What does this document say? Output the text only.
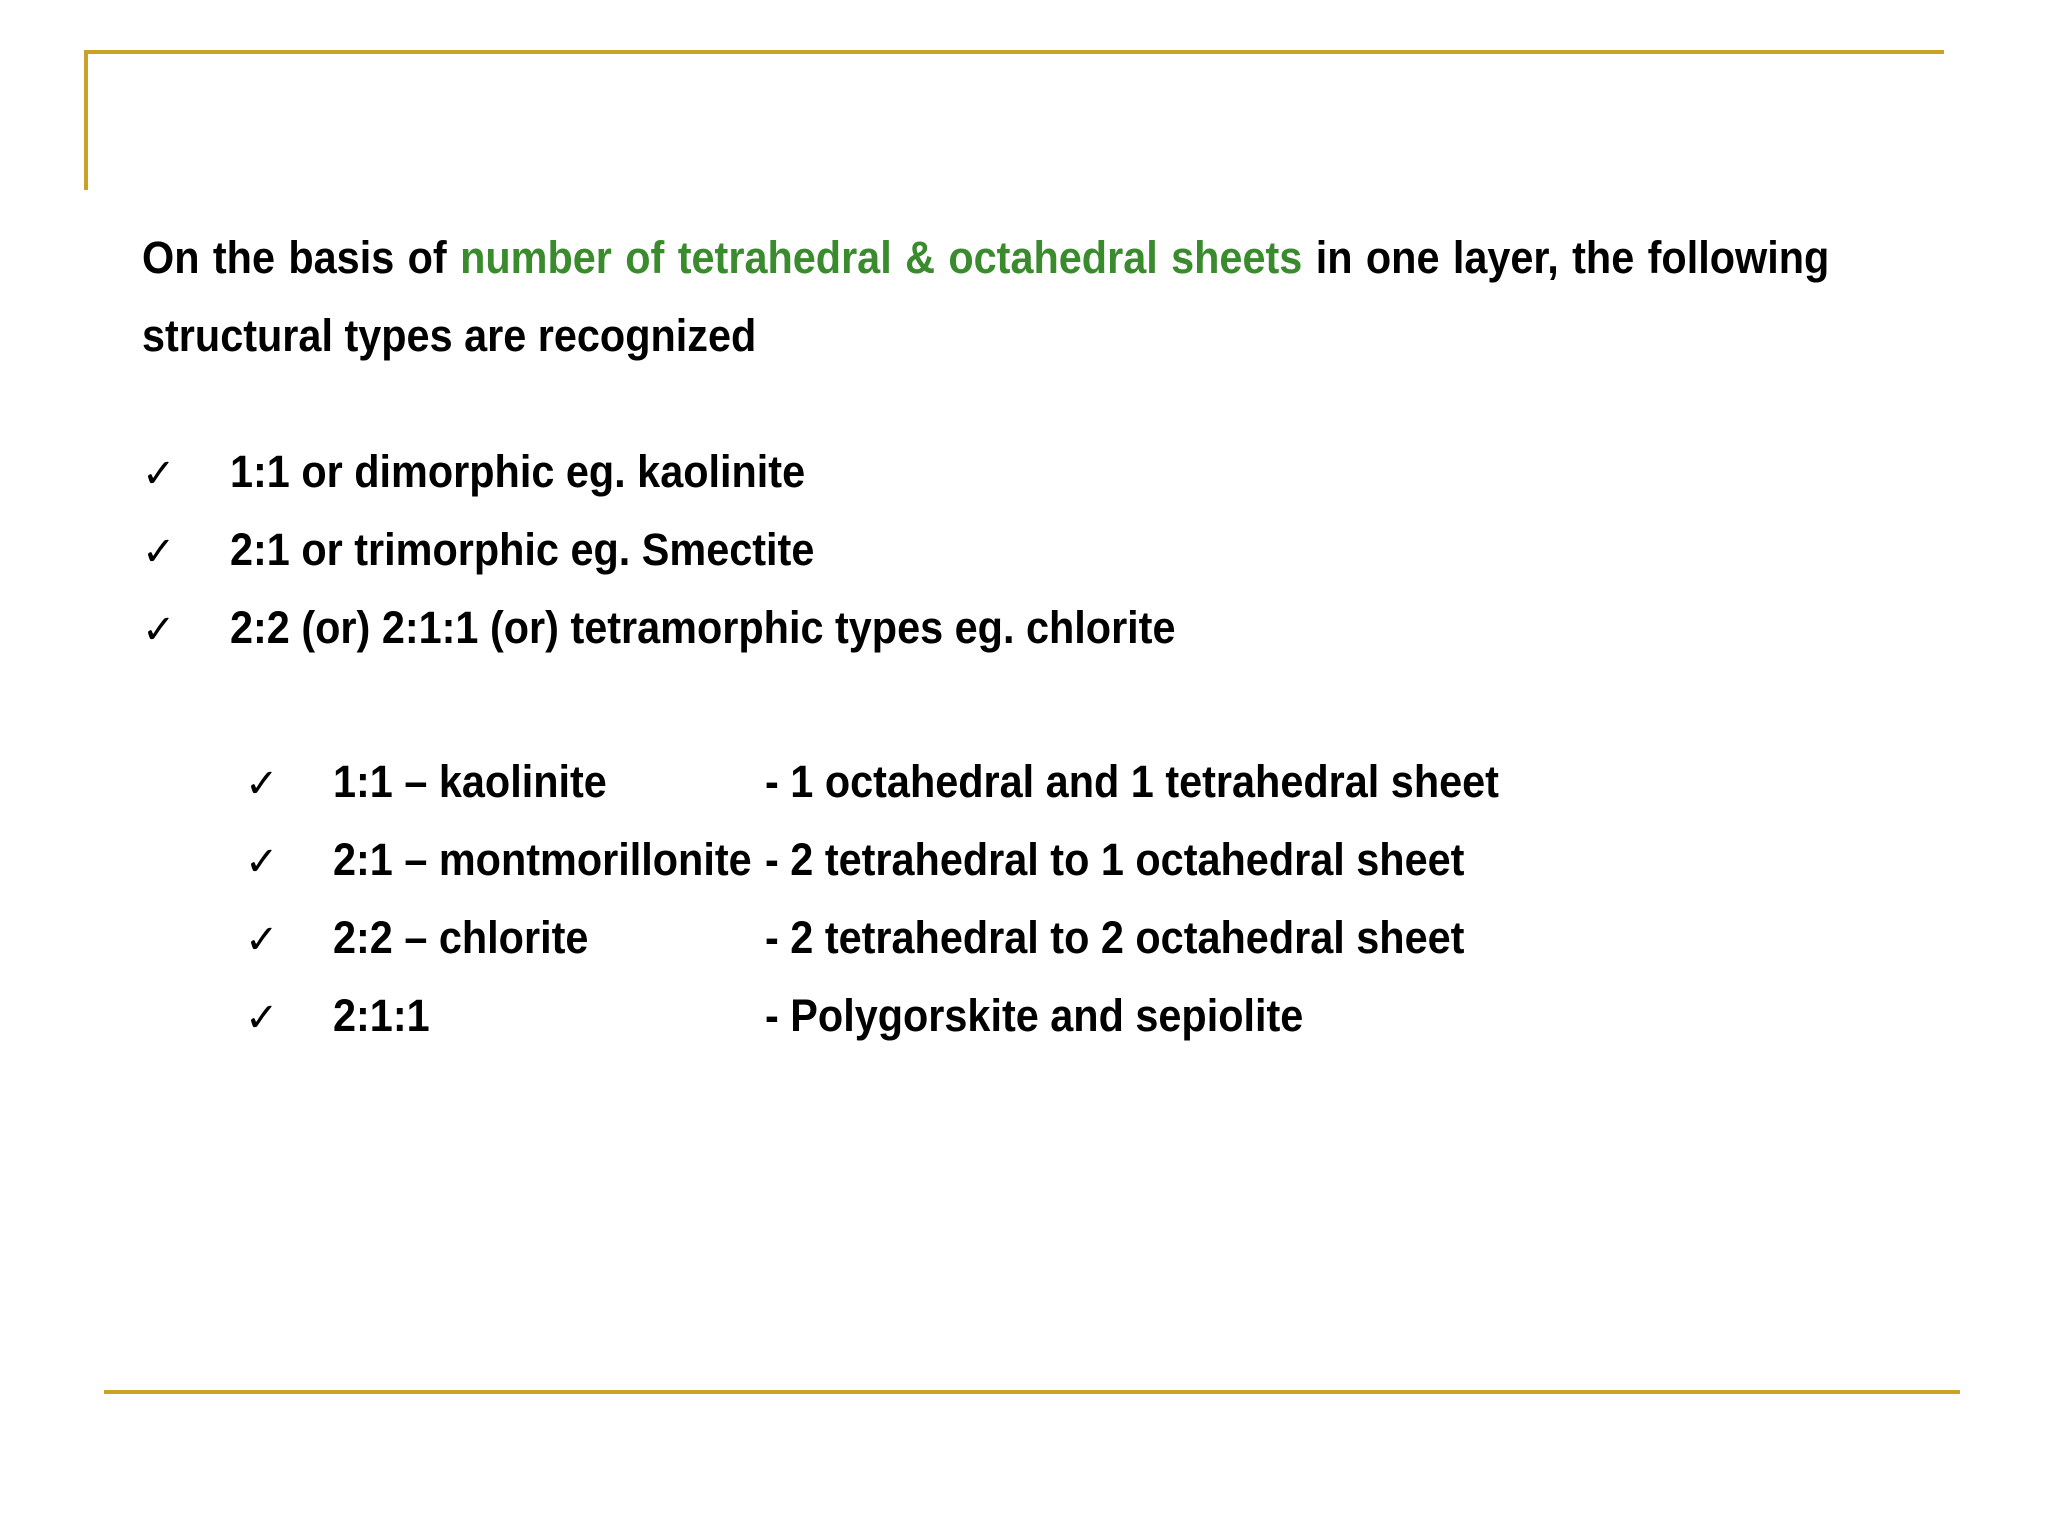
On the basis of number of tetrahedral & octahedral sheets in one layer, the following structural types are recognized

✓	1:1 or dimorphic eg. kaolinite
✓	2:1 or trimorphic eg. Smectite
✓	2:2 (or) 2:1:1 (or) tetramorphic types eg. chlorite
✓	1:1 – kaolinite	- 1 octahedral and 1 tetrahedral sheet
✓	2:1 – montmorillonite - 2 tetrahedral to 1 octahedral sheet
✓	2:2 – chlorite	- 2 tetrahedral to 2 octahedral sheet
✓	2:1:1	- Polygorskite and sepiolite
